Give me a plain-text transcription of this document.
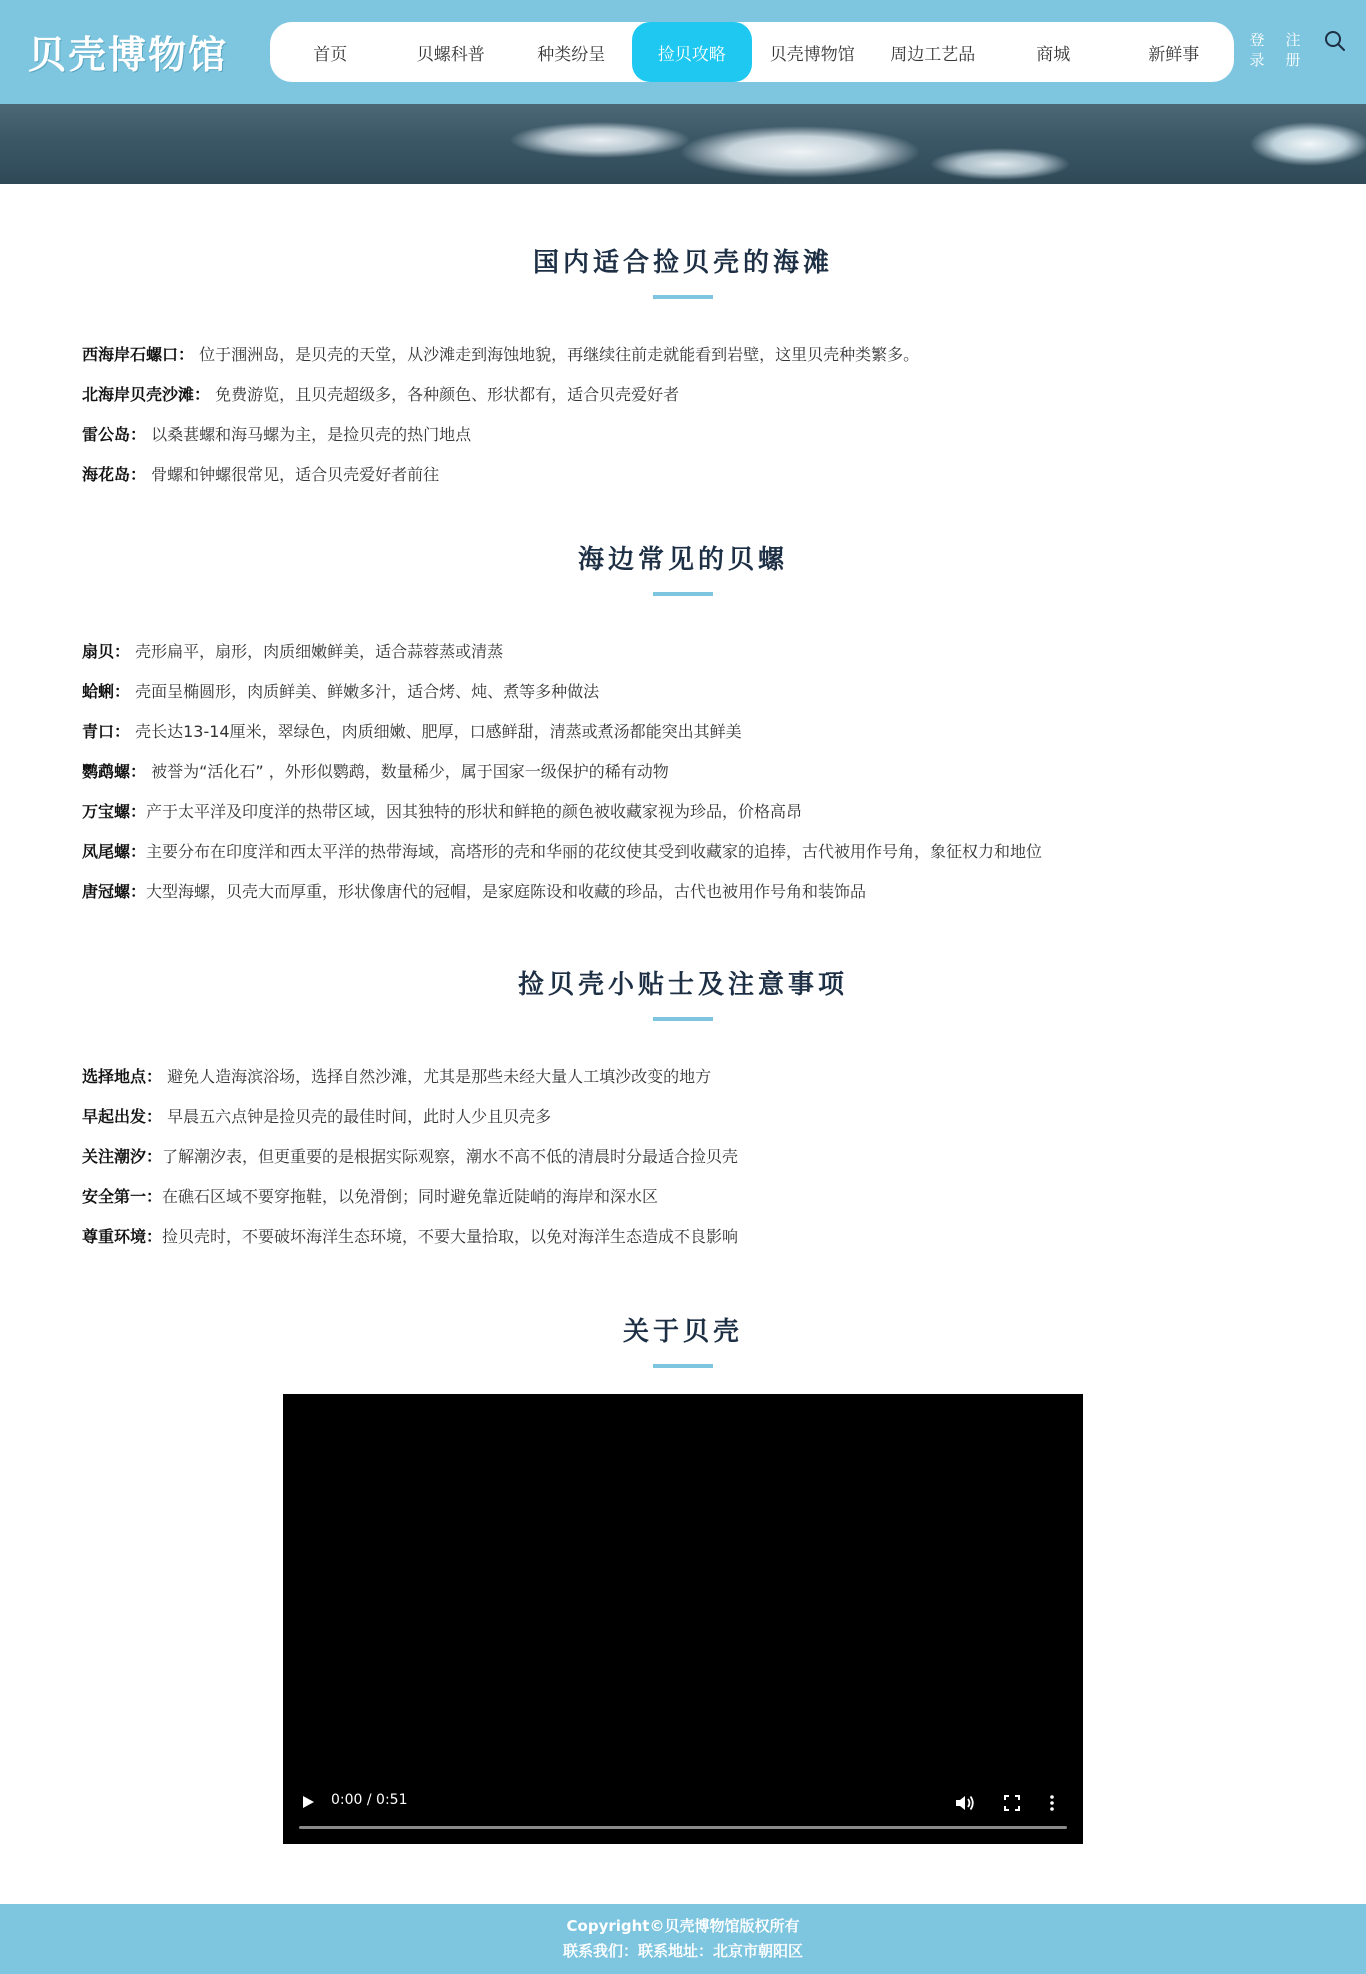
贝壳博物馆	首页	贝螺科普	种类纷呈	捡贝攻略	贝壳博物馆	周边工艺品	商城	新鲜事
登录
注册
国内适合捡贝壳的海滩

西海岸石螺口： 位于涠洲岛，是贝壳的天堂，从沙滩走到海蚀地貌，再继续往前走就能看到岩壁，这里贝壳种类繁多。

北海岸贝壳沙滩： 免费游览，且贝壳超级多，各种颜色、形状都有，适合贝壳爱好者

雷公岛： 以桑葚螺和海马螺为主，是捡贝壳的热门地点

海花岛： 骨螺和钟螺很常见，适合贝壳爱好者前往

海边常见的贝螺

扇贝： 壳形扁平，扇形，肉质细嫩鲜美，适合蒜蓉蒸或清蒸

蛤蜊： 壳面呈椭圆形，肉质鲜美、鲜嫩多汁，适合烤、炖、煮等多种做法

青口： 壳长达13-14厘米，翠绿色，肉质细嫩、肥厚，口感鲜甜，清蒸或煮汤都能突出其鲜美

鹦鹉螺： 被誉为“活化石” ，外形似鹦鹉，数量稀少，属于国家一级保护的稀有动物

万宝螺：产于太平洋及印度洋的热带区域，因其独特的形状和鲜艳的颜色被收藏家视为珍品，价格高昂

凤尾螺：主要分布在印度洋和西太平洋的热带海域，高塔形的壳和华丽的花纹使其受到收藏家的追捧，古代被用作号角，象征权力和地位

唐冠螺：大型海螺，贝壳大而厚重，形状像唐代的冠帽，是家庭陈设和收藏的珍品，古代也被用作号角和装饰品

捡贝壳小贴士及注意事项

选择地点： 避免人造海滨浴场，选择自然沙滩，尤其是那些未经大量人工填沙改变的地方

早起出发： 早晨五六点钟是捡贝壳的最佳时间，此时人少且贝壳多

关注潮汐：了解潮汐表，但更重要的是根据实际观察，潮水不高不低的清晨时分最适合捡贝壳

安全第一：在礁石区域不要穿拖鞋，以免滑倒；同时避免靠近陡峭的海岸和深水区

尊重环境：捡贝壳时，不要破坏海洋生态环境，不要大量拾取，以免对海洋生态造成不良影响

关于贝壳
0:00 / 0:51

Copyright©贝壳博物馆版权所有

联系我们：联系地址：北京市朝阳区
